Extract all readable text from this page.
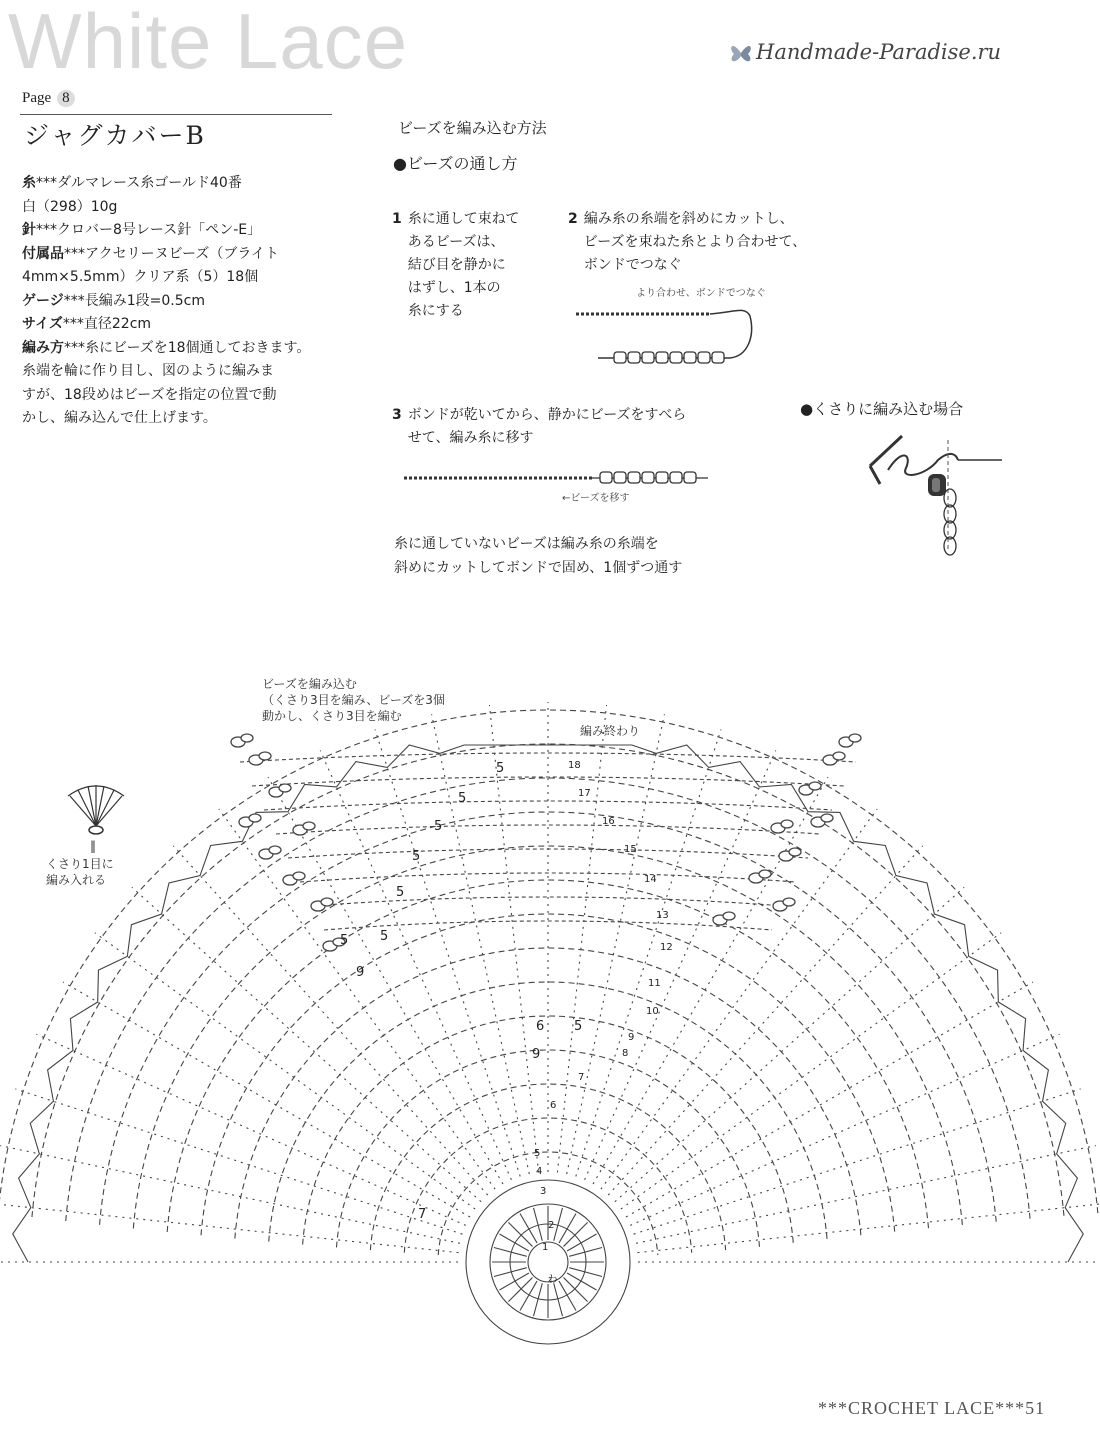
White Lace	Handmade-Paradise.ru
Page 8
ジャグカバーB
糸***ダルマレース糸ゴールド40番
白（298）10g
針***クロバー8号レース針「ペン-E」
付属品***アクセリーヌビーズ（ブライト
4mm×5.5mm）クリア系（5）18個
ゲージ***長編み1段=0.5cm
サイズ***直径22cm
編み方***糸にビーズを18個通しておきます。
糸端を輪に作り目し、図のように編みま
すが、18段めはビーズを指定の位置で動
かし、編み込んで仕上げます。
ビーズを編み込む方法
●ビーズの通し方
1 糸に通して束ねて
あるビーズは、
結び目を静かに
はずし、1本の
糸にする
2 編み糸の糸端を斜めにカットし、
ビーズを束ねた糸とより合わせて、
ボンドでつなぐ
より合わせ、ボンドでつなぐ
3 ボンドが乾いてから、静かにビーズをすべら
せて、編み糸に移す
←ビーズを移す
糸に通していないビーズは編み糸の糸端を
斜めにカットしてボンドで固め、1個ずつ通す
●くさりに編み込む場合
‖
くさり1目に
編み入れる
ビーズを編み込む
（くさり3目を編み、ビーズを3個
動かし、くさり3目を編む
編み終わり
18
17
16
15
14
13
12
11
10
9
8
7
6
5
4
3
2
1
5
5
5
5
5
5
5
5
6
9
9
7
ゎ
***CROCHET LACE***51
